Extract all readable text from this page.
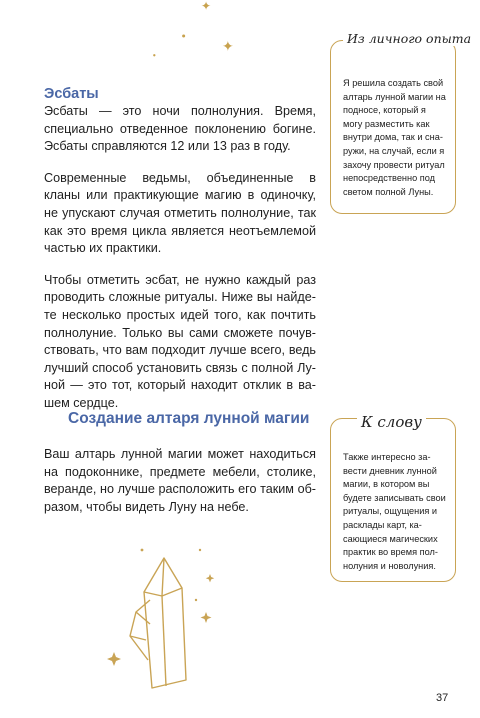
✦
●
✦
●
Эсбаты

Эсбаты — это ночи полнолуния. Время, специально отведенное поклонению богине. Эсбаты справляются 12 или 13 раз в году.

Современные ведьмы, объединенные в кланы или практикующие магию в одиночку, не упускают случая отметить полнолуние, так как это время цикла является неотъемлемой частью их практики.

Чтобы отметить эсбат, не нужно каждый раз проводить сложные ритуалы. Ниже вы найдете несколько простых идей того, как почтить полнолуние. Только вы сами сможете почувствовать, что вам подходит лучше всего, ведь лучший способ установить связь с полной Луной — это тот, который находит отклик в вашем сердце.

Создание алтаря лунной магии

Ваш алтарь лунной магии может находиться на подоконнике, предмете мебели, столике, веранде, но лучше расположить его таким образом, чтобы видеть Луну на небе.

Из личного опыта
Я решила создать свой алтарь лунной магии на подносе, который я могу разместить как внутри дома, так и снаружи, на случай, если я захочу провести ритуал непосредственно под светом полной Луны.
К слову
Также интересно завести дневник лунной магии, в котором вы будете записывать свои ритуалы, ощущения и расклады карт, касающиеся магических практик во время полнолуния и новолуния.
37
